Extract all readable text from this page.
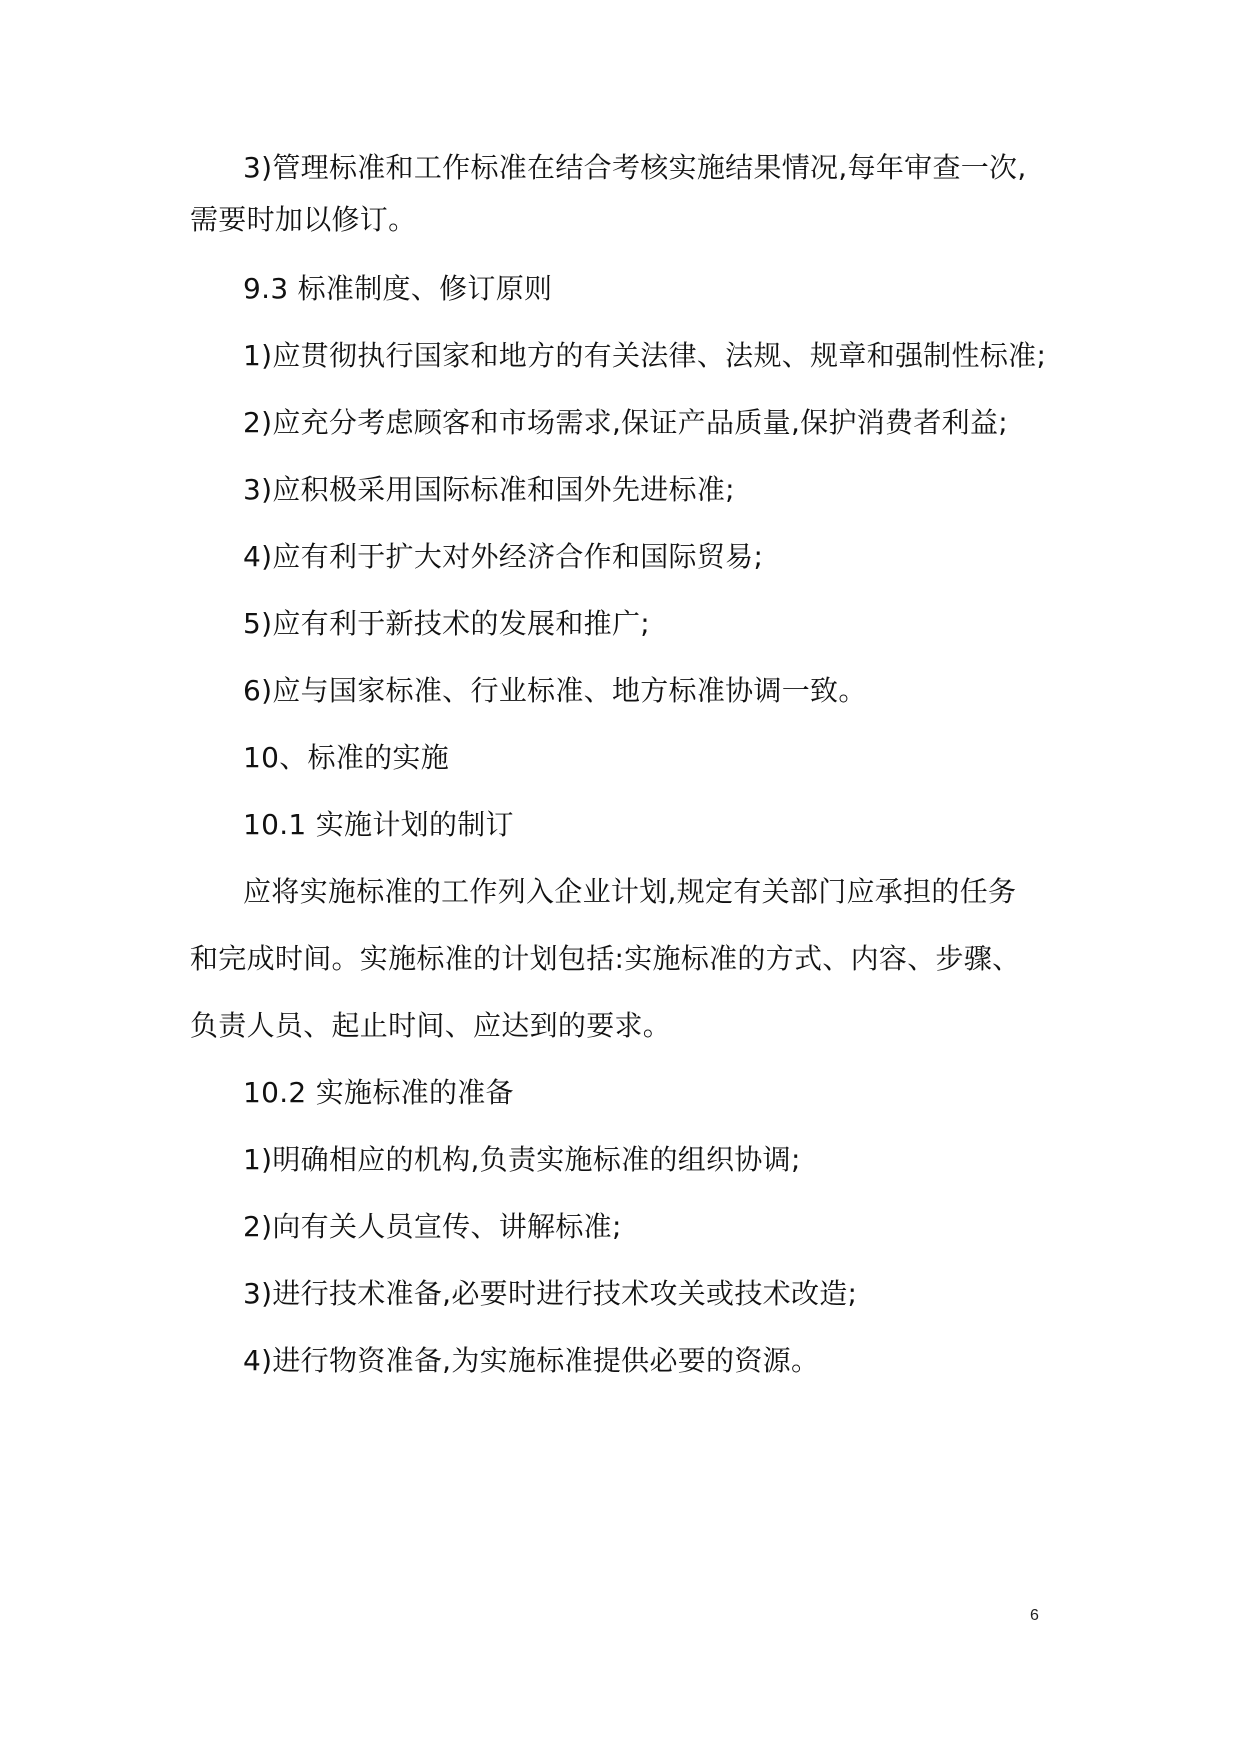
3)管理标准和工作标准在结合考核实施结果情况,每年审查一次,
需要时加以修订。
9.3 标准制度、修订原则
1)应贯彻执行国家和地方的有关法律、法规、规章和强制性标准;
2)应充分考虑顾客和市场需求,保证产品质量,保护消费者利益;
3)应积极采用国际标准和国外先进标准;
4)应有利于扩大对外经济合作和国际贸易;
5)应有利于新技术的发展和推广;
6)应与国家标准、行业标准、地方标准协调一致。
10、标准的实施
10.1 实施计划的制订
应将实施标准的工作列入企业计划,规定有关部门应承担的任务
和完成时间。实施标准的计划包括:实施标准的方式、内容、步骤、
负责人员、起止时间、应达到的要求。
10.2 实施标准的准备
1)明确相应的机构,负责实施标准的组织协调;
2)向有关人员宣传、讲解标准;
3)进行技术准备,必要时进行技术攻关或技术改造;
4)进行物资准备,为实施标准提供必要的资源。
6
